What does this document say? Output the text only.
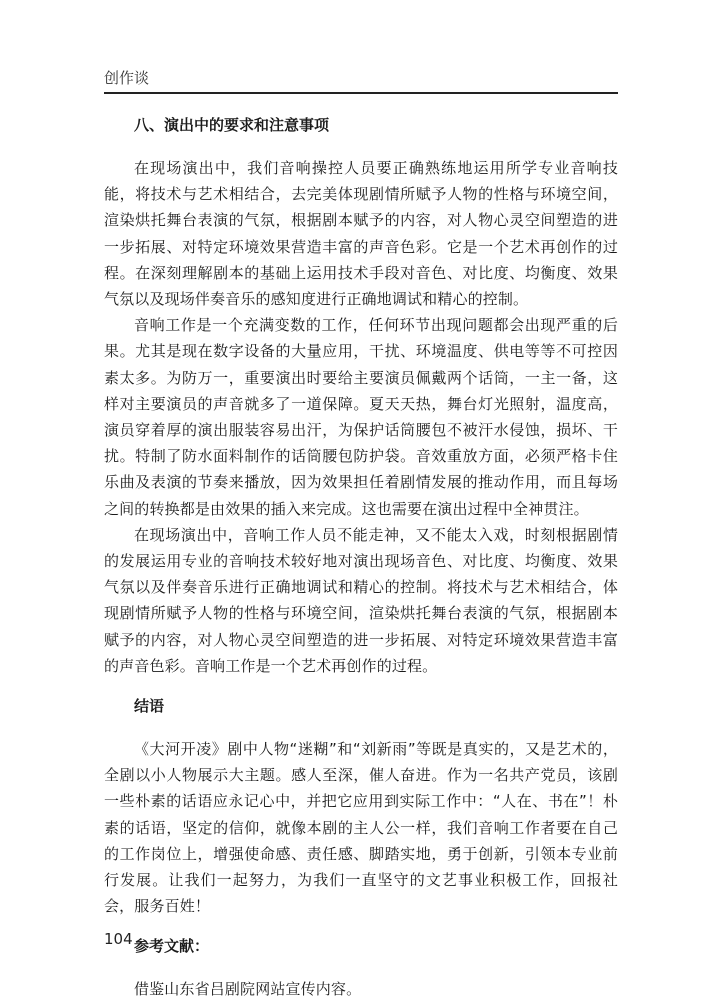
创作谈
八、演出中的要求和注意事项

在现场演出中，我们音响操控人员要正确熟练地运用所学专业音响技能，将技术与艺术相结合，去完美体现剧情所赋予人物的性格与环境空间，渲染烘托舞台表演的气氛，根据剧本赋予的内容，对人物心灵空间塑造的进一步拓展、对特定环境效果营造丰富的声音色彩。它是一个艺术再创作的过程。在深刻理解剧本的基础上运用技术手段对音色、对比度、均衡度、效果气氛以及现场伴奏音乐的感知度进行正确地调试和精心的控制。

音响工作是一个充满变数的工作，任何环节出现问题都会出现严重的后果。尤其是现在数字设备的大量应用，干扰、环境温度、供电等等不可控因素太多。为防万一，重要演出时要给主要演员佩戴两个话筒，一主一备，这样对主要演员的声音就多了一道保障。夏天天热，舞台灯光照射，温度高，演员穿着厚的演出服装容易出汗，为保护话筒腰包不被汗水侵蚀，损坏、干扰。特制了防水面料制作的话筒腰包防护袋。音效重放方面，必须严格卡住乐曲及表演的节奏来播放，因为效果担任着剧情发展的推动作用，而且每场之间的转换都是由效果的插入来完成。这也需要在演出过程中全神贯注。

在现场演出中，音响工作人员不能走神，又不能太入戏，时刻根据剧情的发展运用专业的音响技术较好地对演出现场音色、对比度、均衡度、效果气氛以及伴奏音乐进行正确地调试和精心的控制。将技术与艺术相结合，体现剧情所赋予人物的性格与环境空间，渲染烘托舞台表演的气氛，根据剧本赋予的内容，对人物心灵空间塑造的进一步拓展、对特定环境效果营造丰富的声音色彩。音响工作是一个艺术再创作的过程。

结语

《大河开凌》剧中人物“迷糊”和“刘新雨”等既是真实的，又是艺术的，全剧以小人物展示大主题。感人至深，催人奋进。作为一名共产党员，该剧一些朴素的话语应永记心中，并把它应用到实际工作中：“人在、书在”！朴素的话语，坚定的信仰，就像本剧的主人公一样，我们音响工作者要在自己的工作岗位上，增强使命感、责任感、脚踏实地，勇于创新，引领本专业前行发展。让我们一起努力，为我们一直坚守的文艺事业积极工作，回报社会，服务百姓！

参考文献：

借鉴山东省吕剧院网站宣传内容。

104
